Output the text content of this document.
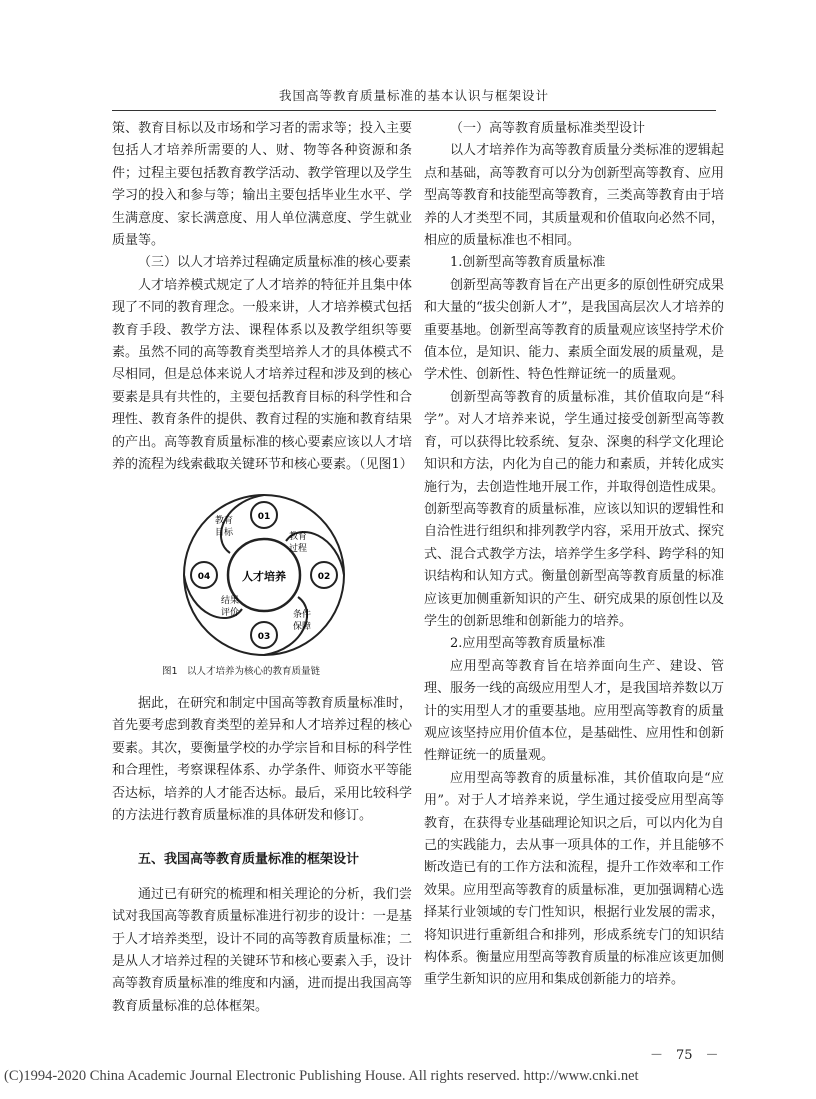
我国高等教育质量标准的基本认识与框架设计

策、教育目标以及市场和学习者的需求等；投入主要包括人才培养所需要的人、财、物等各种资源和条件；过程主要包括教育教学活动、教学管理以及学生学习的投入和参与等；输出主要包括毕业生水平、学生满意度、家长满意度、用人单位满意度、学生就业质量等。

（三）以人才培养过程确定质量标准的核心要素

人才培养模式规定了人才培养的特征并且集中体现了不同的教育理念。一般来讲，人才培养模式包括教育手段、教学方法、课程体系以及教学组织等要素。虽然不同的高等教育类型培养人才的具体模式不尽相同，但是总体来说人才培养过程和涉及到的核心要素是具有共性的，主要包括教育目标的科学性和合理性、教育条件的提供、教育过程的实施和教育结果的产出。高等教育质量标准的核心要素应该以人才培养的流程为线索截取关键环节和核心要素。（见图1）

人才培养
01
教育
目标
02
教育
过程
03
条件
保障
04
结果
评价
图1　以人才培养为核心的教育质量链

据此，在研究和制定中国高等教育质量标准时，首先要考虑到教育类型的差异和人才培养过程的核心要素。其次，要衡量学校的办学宗旨和目标的科学性和合理性，考察课程体系、办学条件、师资水平等能否达标，培养的人才能否达标。最后，采用比较科学的方法进行教育质量标准的具体研发和修订。

五、我国高等教育质量标准的框架设计

通过已有研究的梳理和相关理论的分析，我们尝试对我国高等教育质量标准进行初步的设计：一是基于人才培养类型，设计不同的高等教育质量标准；二是从人才培养过程的关键环节和核心要素入手，设计高等教育质量标准的维度和内涵，进而提出我国高等教育质量标准的总体框架。

（一）高等教育质量标准类型设计

以人才培养作为高等教育质量分类标准的逻辑起点和基础，高等教育可以分为创新型高等教育、应用型高等教育和技能型高等教育，三类高等教育由于培养的人才类型不同，其质量观和价值取向必然不同，相应的质量标准也不相同。

1.创新型高等教育质量标准

创新型高等教育旨在产出更多的原创性研究成果和大量的“拔尖创新人才”，是我国高层次人才培养的重要基地。创新型高等教育的质量观应该坚持学术价值本位，是知识、能力、素质全面发展的质量观，是学术性、创新性、特色性辩证统一的质量观。

创新型高等教育的质量标准，其价值取向是“科学”。对人才培养来说，学生通过接受创新型高等教育，可以获得比较系统、复杂、深奥的科学文化理论知识和方法，内化为自己的能力和素质，并转化成实施行为，去创造性地开展工作，并取得创造性成果。创新型高等教育的质量标准，应该以知识的逻辑性和自洽性进行组织和排列教学内容，采用开放式、探究式、混合式教学方法，培养学生多学科、跨学科的知识结构和认知方式。衡量创新型高等教育质量的标准应该更加侧重新知识的产生、研究成果的原创性以及学生的创新思维和创新能力的培养。

2.应用型高等教育质量标准

应用型高等教育旨在培养面向生产、建设、管理、服务一线的高级应用型人才，是我国培养数以万计的实用型人才的重要基地。应用型高等教育的质量观应该坚持应用价值本位，是基础性、应用性和创新性辩证统一的质量观。

应用型高等教育的质量标准，其价值取向是“应用”。对于人才培养来说，学生通过接受应用型高等教育，在获得专业基础理论知识之后，可以内化为自己的实践能力，去从事一项具体的工作，并且能够不断改造已有的工作方法和流程，提升工作效率和工作效果。应用型高等教育的质量标准，更加强调精心选择某行业领域的专门性知识，根据行业发展的需求，将知识进行重新组合和排列，形成系统专门的知识结构体系。衡量应用型高等教育质量的标准应该更加侧重学生新知识的应用和集成创新能力的培养。

－　75　－
(C)1994-2020 China Academic Journal Electronic Publishing House. All rights reserved. http://www.cnki.net
